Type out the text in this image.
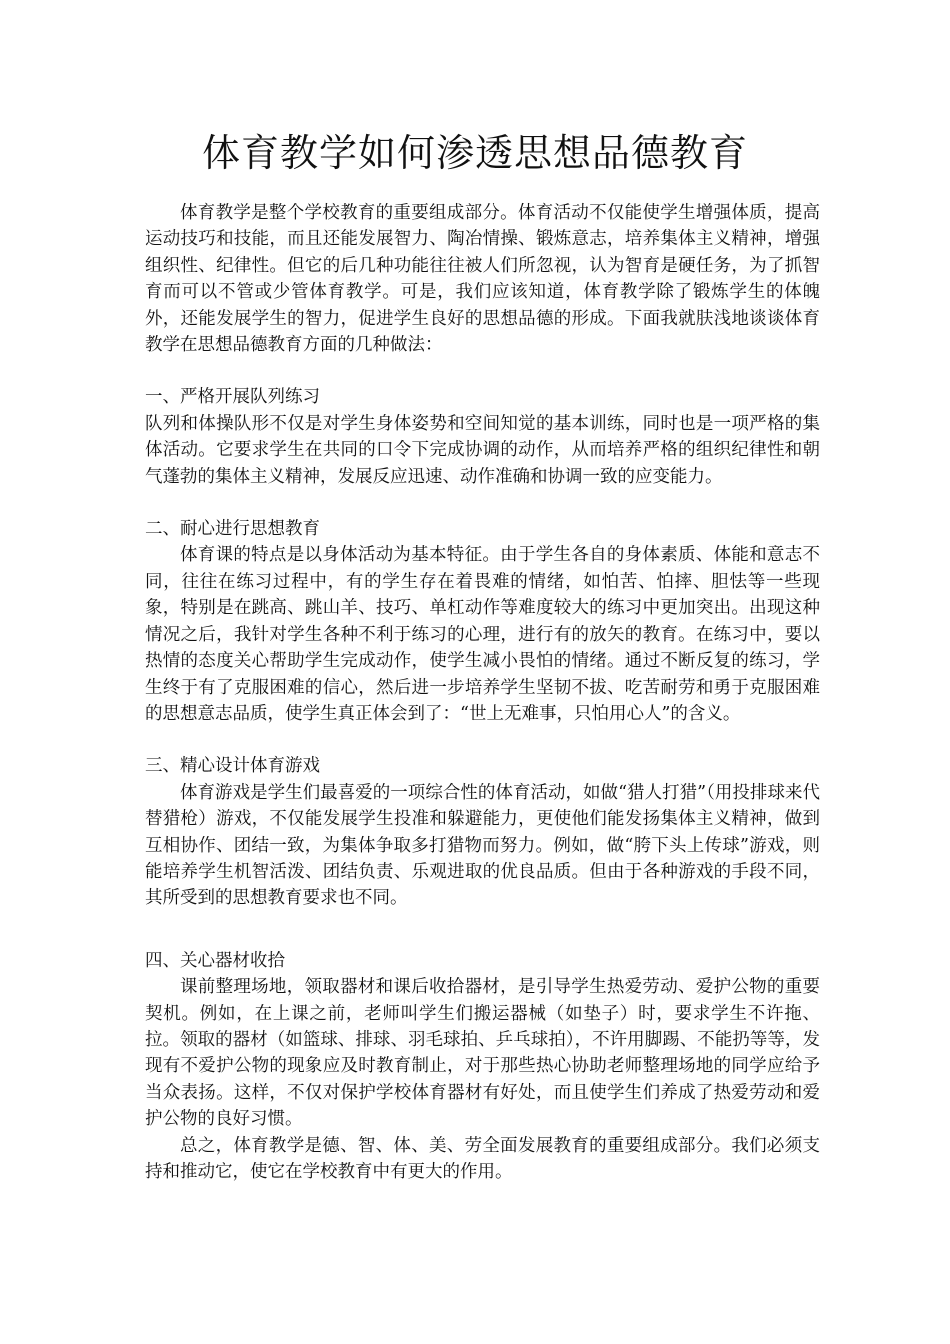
体育教学如何渗透思想品德教育

体育教学是整个学校教育的重要组成部分。体育活动不仅能使学生增强体质，提高运动技巧和技能，而且还能发展智力、陶冶情操、锻炼意志，培养集体主义精神，增强组织性、纪律性。但它的后几种功能往往被人们所忽视，认为智育是硬任务，为了抓智育而可以不管或少管体育教学。可是，我们应该知道，体育教学除了锻炼学生的体魄外，还能发展学生的智力，促进学生良好的思想品德的形成。下面我就肤浅地谈谈体育教学在思想品德教育方面的几种做法：

一、严格开展队列练习

队列和体操队形不仅是对学生身体姿势和空间知觉的基本训练，同时也是一项严格的集体活动。它要求学生在共同的口令下完成协调的动作，从而培养严格的组织纪律性和朝气蓬勃的集体主义精神，发展反应迅速、动作准确和协调一致的应变能力。

二、耐心进行思想教育

体育课的特点是以身体活动为基本特征。由于学生各自的身体素质、体能和意志不同，往往在练习过程中，有的学生存在着畏难的情绪，如怕苦、怕摔、胆怯等一些现象，特别是在跳高、跳山羊、技巧、单杠动作等难度较大的练习中更加突出。出现这种情况之后，我针对学生各种不利于练习的心理，进行有的放矢的教育。在练习中，要以热情的态度关心帮助学生完成动作，使学生减小畏怕的情绪。通过不断反复的练习，学生终于有了克服困难的信心，然后进一步培养学生坚韧不拔、吃苦耐劳和勇于克服困难的思想意志品质，使学生真正体会到了：“世上无难事，只怕用心人”的含义。

三、精心设计体育游戏

体育游戏是学生们最喜爱的一项综合性的体育活动，如做“猎人打猎”（用投排球来代替猎枪）游戏，不仅能发展学生投准和躲避能力，更使他们能发扬集体主义精神，做到互相协作、团结一致，为集体争取多打猎物而努力。例如，做“胯下头上传球”游戏，则能培养学生机智活泼、团结负责、乐观进取的优良品质。但由于各种游戏的手段不同，其所受到的思想教育要求也不同。

四、关心器材收拾

课前整理场地，领取器材和课后收拾器材，是引导学生热爱劳动、爱护公物的重要契机。例如，在上课之前，老师叫学生们搬运器械（如垫子）时，要求学生不许拖、拉。领取的器材（如篮球、排球、羽毛球拍、乒乓球拍），不许用脚踢、不能扔等等，发现有不爱护公物的现象应及时教育制止，对于那些热心协助老师整理场地的同学应给予当众表扬。这样，不仅对保护学校体育器材有好处，而且使学生们养成了热爱劳动和爱护公物的良好习惯。

总之，体育教学是德、智、体、美、劳全面发展教育的重要组成部分。我们必须支持和推动它，使它在学校教育中有更大的作用。
